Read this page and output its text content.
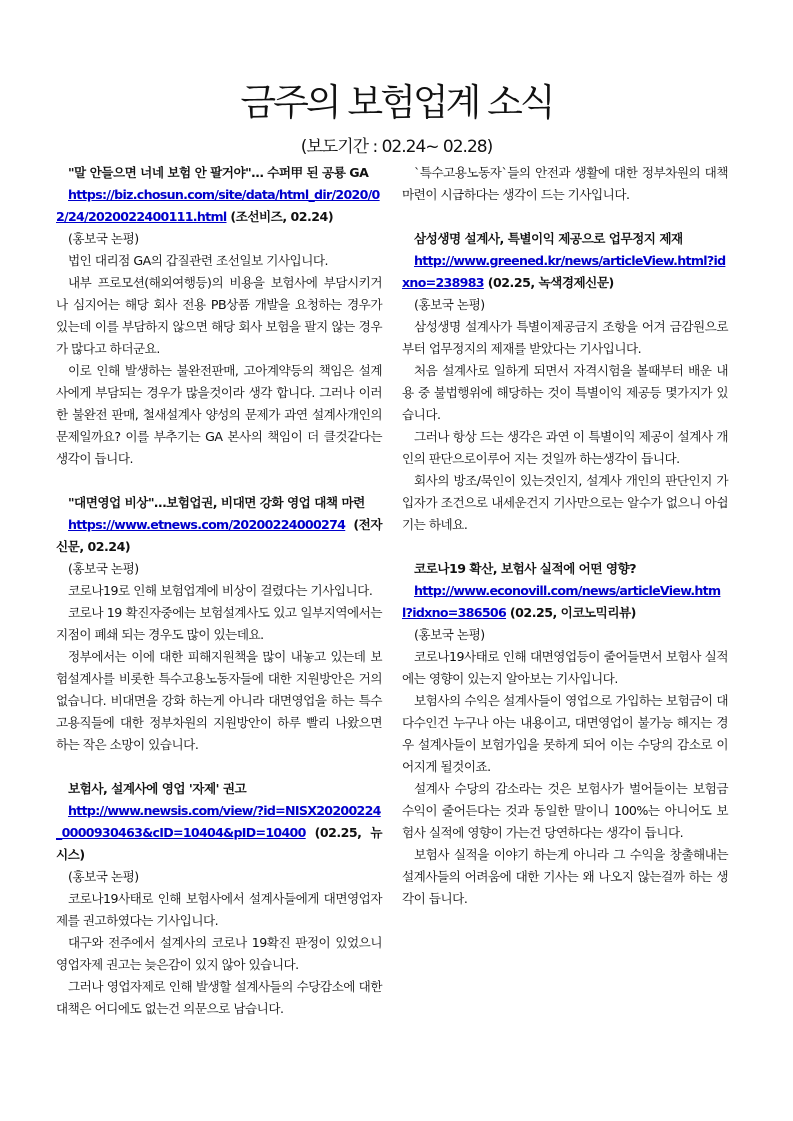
금주의 보험업계 소식
(보도기간 : 02.24~ 02.28)

"말 안들으면 너네 보험 안 팔거야"… 수퍼甲 된 공룡 GA

https://biz.chosun.com/site/data/html_dir/2020/02/24/2020022400111.html (조선비즈, 02.24)

(홍보국 논평)

법인 대리점 GA의 갑질관련 조선일보 기사입니다.

내부 프로모션(해외여행등)의 비용을 보험사에 부담시키거나 심지어는 해당 회사 전용 PB상품 개발을 요청하는 경우가 있는데 이를 부담하지 않으면 해당 회사 보험을 팔지 않는 경우가 많다고 하더군요.

이로 인해 발생하는 불완전판매, 고아계약등의 책임은 설계사에게 부담되는 경우가 많을것이라 생각 합니다. 그러나 이러한 불완전 판매, 철새설계사 양성의 문제가 과연 설계사개인의 문제일까요? 이를 부추기는 GA 본사의 책임이 더 클것같다는 생각이 듭니다.

"대면영업 비상"…보험업권, 비대면 강화 영업 대책 마련

https://www.etnews.com/20200224000274 (전자신문, 02.24)

(홍보국 논평)

코로나19로 인해 보험업계에 비상이 걸렸다는 기사입니다.

코로나 19 확진자중에는 보험설계사도 있고 일부지역에서는 지점이 폐쇄 되는 경우도 많이 있는데요.

정부에서는 이에 대한 피해지원책을 많이 내놓고 있는데 보험설계사를 비롯한 특수고용노동자들에 대한 지원방안은 거의 없습니다. 비대면을 강화 하는게 아니라 대면영업을 하는 특수고용직들에 대한 정부차원의 지원방안이 하루 빨리 나왔으면 하는 작은 소망이 있습니다.

보험사, 설계사에 영업 '자제' 권고

http://www.newsis.com/view/?id=NISX20200224_0000930463&cID=10404&pID=10400 (02.25, 뉴시스)

(홍보국 논평)

코로나19사태로 인해 보험사에서 설계사들에게 대면영업자제를 권고하였다는 기사입니다.

대구와 전주에서 설계사의 코로나 19확진 판정이 있었으니 영업자제 권고는 늦은감이 있지 않아 있습니다.

그러나 영업자제로 인해 발생할 설계사들의 수당감소에 대한 대책은 어디에도 없는건 의문으로 남습니다.

`특수고용노동자`들의 안전과 생활에 대한 정부차원의 대책마련이 시급하다는 생각이 드는 기사입니다.

삼성생명 설계사, 특별이익 제공으로 업무정지 제재

http://www.greened.kr/news/articleView.html?idxno=238983 (02.25, 녹색경제신문)

(홍보국 논평)

삼성생명 설계사가 특별이제공금지 조항을 어겨 금감원으로부터 업무정지의 제재를 받았다는 기사입니다.

처음 설계사로 일하게 되면서 자격시험을 볼때부터 배운 내용 중 불법행위에 해당하는 것이 특별이익 제공등 몇가지가 있습니다.

그러나 항상 드는 생각은 과연 이 특별이익 제공이 설계사 개인의 판단으로이루어 지는 것일까 하는생각이 듭니다.

회사의 방조/묵인이 있는것인지, 설계사 개인의 판단인지 가입자가 조건으로 내세운건지 기사만으로는 알수가 없으니 아쉽기는 하네요.

코로나19 확산, 보험사 실적에 어떤 영향?

http://www.econovill.com/news/articleView.html?idxno=386506 (02.25, 이코노믹리뷰)

(홍보국 논평)

코로나19사태로 인해 대면영업등이 줄어들면서 보험사 실적에는 영향이 있는지 알아보는 기사입니다.

보험사의 수익은 설계사들이 영업으로 가입하는 보험금이 대다수인건 누구나 아는 내용이고, 대면영업이 불가능 해지는 경우 설계사들이 보험가입을 못하게 되어 이는 수당의 감소로 이어지게 될것이죠.

설계사 수당의 감소라는 것은 보험사가 벌어들이는 보험금 수익이 줄어든다는 것과 동일한 말이니 100%는 아니어도 보험사 실적에 영향이 가는건 당연하다는 생각이 듭니다.

보험사 실적을 이야기 하는게 아니라 그 수익을 창출해내는 설계사들의 어려움에 대한 기사는 왜 나오지 않는걸까 하는 생각이 듭니다.
